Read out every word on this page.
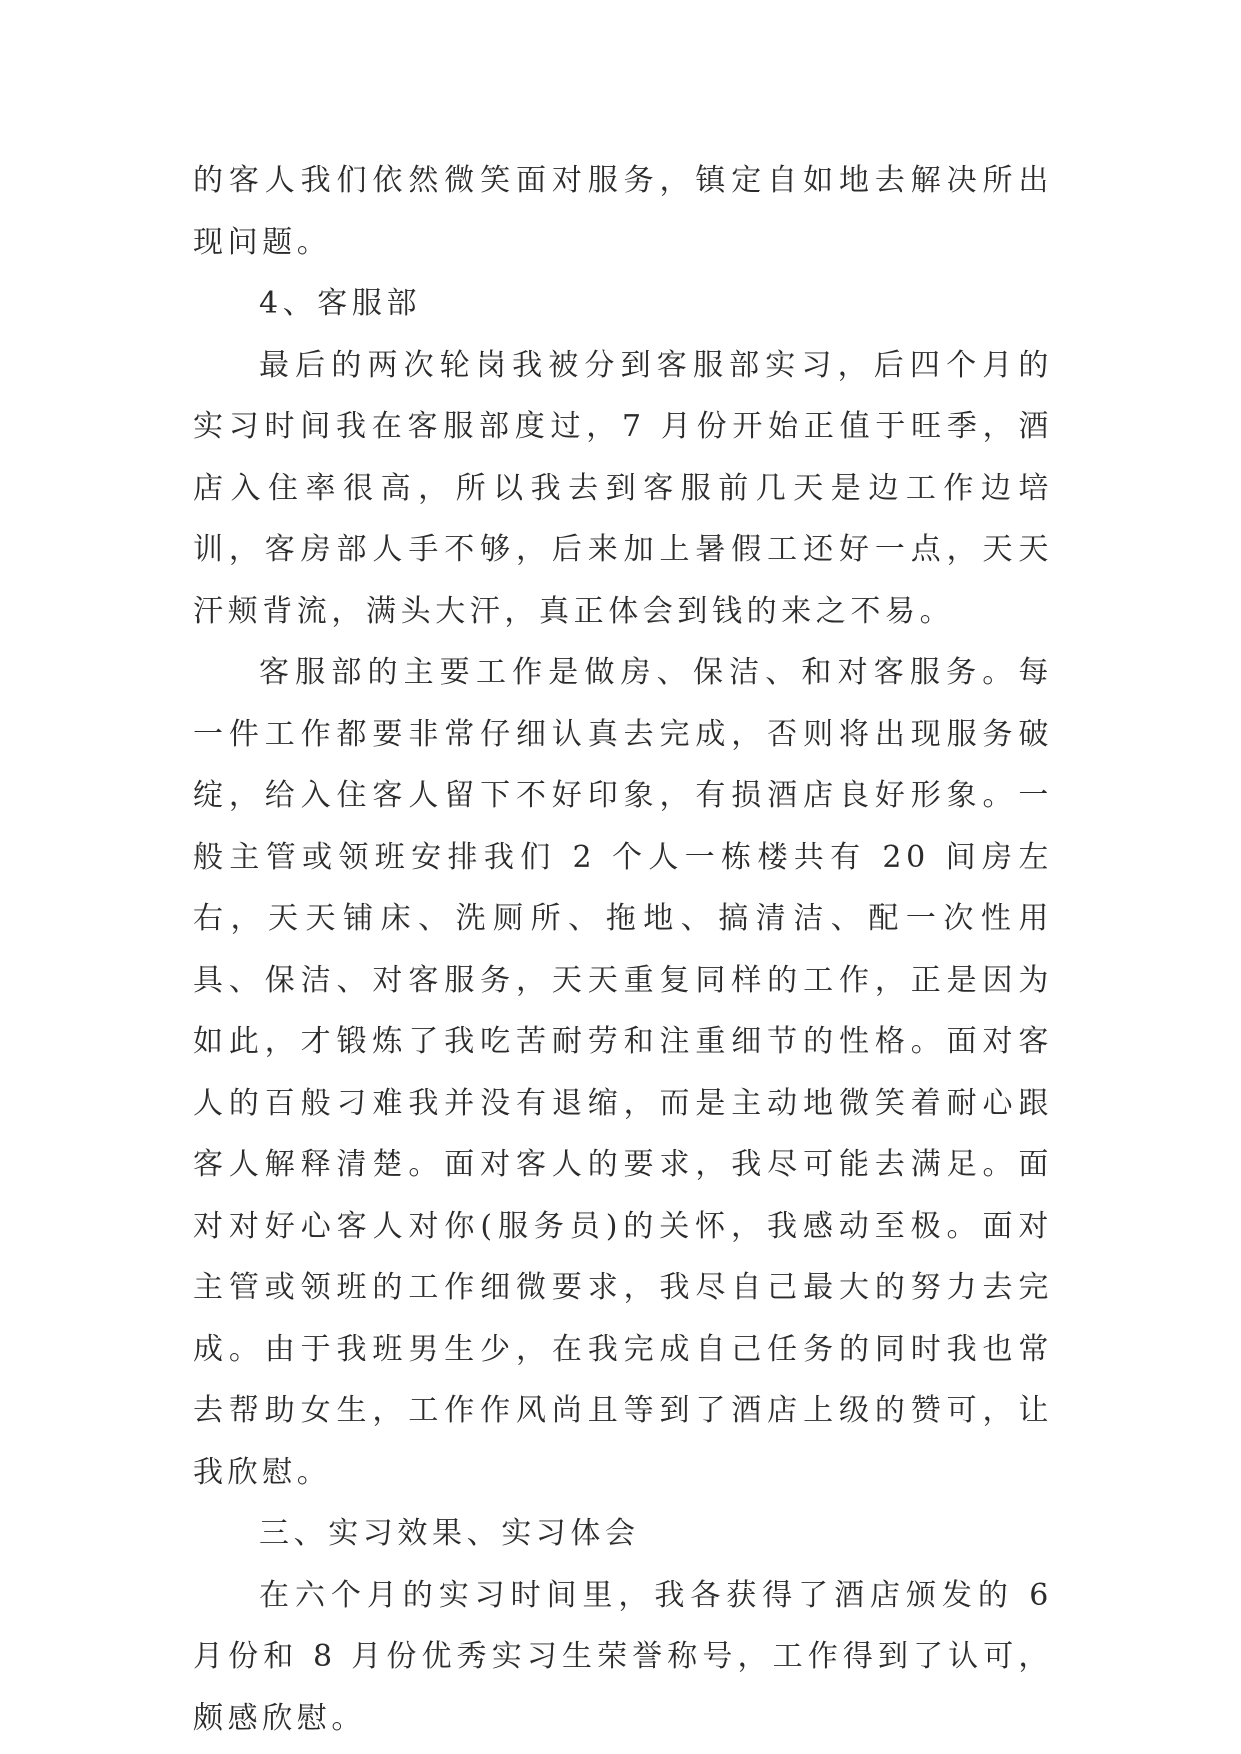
的客人我们依然微笑面对服务，镇定自如地去解决所出现问题。

4、客服部

最后的两次轮岗我被分到客服部实习，后四个月的实习时间我在客服部度过，7 月份开始正值于旺季，酒店入住率很高，所以我去到客服前几天是边工作边培训，客房部人手不够，后来加上暑假工还好一点，天天汗颊背流，满头大汗，真正体会到钱的来之不易。

客服部的主要工作是做房、保洁、和对客服务。每一件工作都要非常仔细认真去完成，否则将出现服务破绽，给入住客人留下不好印象，有损酒店良好形象。一般主管或领班安排我们 2 个人一栋楼共有 20 间房左右，天天铺床、洗厕所、拖地、搞清洁、配一次性用具、保洁、对客服务，天天重复同样的工作，正是因为如此，才锻炼了我吃苦耐劳和注重细节的性格。面对客人的百般刁难我并没有退缩，而是主动地微笑着耐心跟客人解释清楚。面对客人的要求，我尽可能去满足。面对对好心客人对你(服务员)的关怀，我感动至极。面对主管或领班的工作细微要求，我尽自己最大的努力去完成。由于我班男生少，在我完成自己任务的同时我也常去帮助女生，工作作风尚且等到了酒店上级的赞可，让我欣慰。

三、实习效果、实习体会

在六个月的实习时间里，我各获得了酒店颁发的 6 月份和 8 月份优秀实习生荣誉称号，工作得到了认可，颇感欣慰。
